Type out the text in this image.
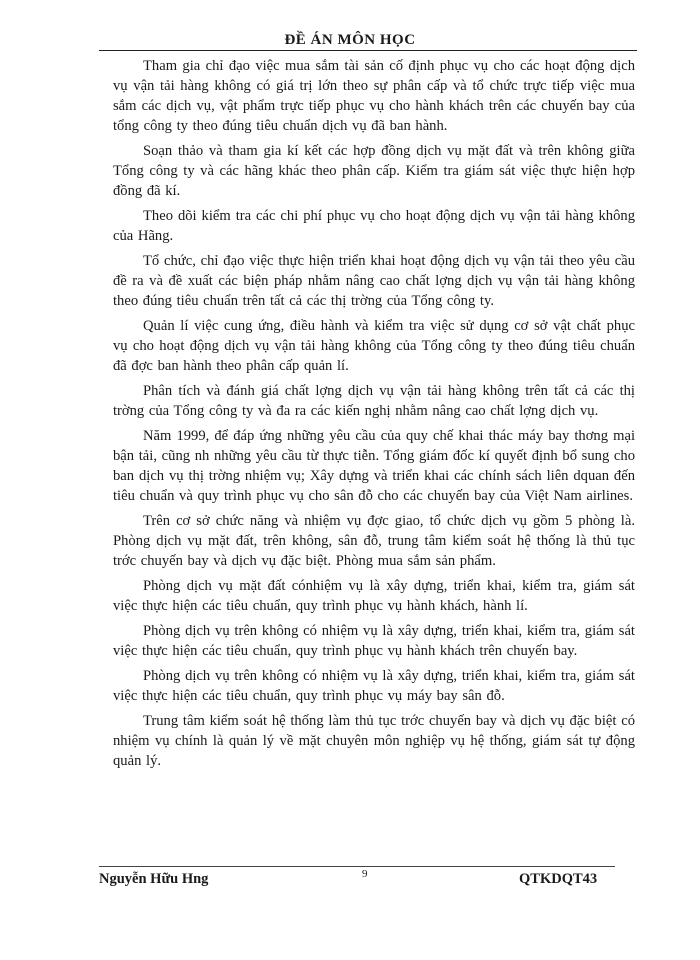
ĐỀ ÁN MÔN HỌC

Tham gia chỉ đạo việc mua sắm tài sản cố định phục vụ cho các hoạt động dịch vụ vận tải hàng không có giá trị lớn theo sự phân cấp và tổ chức trực tiếp việc mua sắm các dịch vụ, vật phẩm trực tiếp phục vụ cho hành khách trên các chuyến bay của tổng công ty theo đúng tiêu chuẩn dịch vụ đã ban hành.

Soạn thảo và tham gia kí kết các hợp đồng dịch vụ mặt đất và trên không giữa Tổng công ty và các hãng khác theo phân cấp. Kiểm tra giám sát việc thực hiện hợp đồng đã kí.

Theo dõi kiểm tra các chi phí phục vụ cho hoạt động dịch vụ vận tải hàng không của Hãng.

Tổ chức, chỉ đạo việc thực hiện triển khai hoạt động dịch vụ vận tải theo yêu cầu đề ra và đề xuất các biện pháp nhằm nâng cao chất lợng dịch vụ vận tải hàng không theo đúng tiêu chuẩn trên tất cả các thị trờng của Tổng công ty.

Quản lí việc cung ứng, điều hành và kiểm tra việc sử dụng cơ sở vật chất phục vụ cho hoạt động dịch vụ vận tải hàng không của Tổng công ty theo đúng tiêu chuẩn đã đợc ban hành theo phân cấp quản lí.

Phân tích và đánh giá chất lợng dịch vụ vận tải hàng không trên tất cả các thị trờng của Tổng công ty và đa ra các kiến nghị nhằm nâng cao chất lợng dịch vụ.

Năm 1999, để đáp ứng những yêu cầu của quy chế khai thác máy bay thơng mại bận tải, cũng nh những yêu cầu từ thực tiễn. Tổng giám đốc kí quyết định bổ sung cho ban dịch vụ thị trờng nhiệm vụ; Xây dựng và triển khai các chính sách liên dquan đến tiêu chuẩn và quy trình phục vụ cho sân đỗ cho các chuyến bay của Việt Nam airlines.

Trên cơ sở chức năng và nhiệm vụ đợc giao, tổ chức dịch vụ gồm 5 phòng là. Phòng dịch vụ mặt đất, trên không, sân đỗ, trung tâm kiểm soát hệ thống là thủ tục trớc chuyến bay và dịch vụ đặc biệt. Phòng mua sắm sản phẩm.

Phòng dịch vụ mặt đất cónhiệm vụ là xây dựng, triển khai, kiểm tra, giám sát việc thực hiện các tiêu chuẩn, quy trình phục vụ hành khách, hành lí.

Phòng dịch vụ trên không có nhiệm vụ là xây dựng, triển khai, kiểm tra, giám sát việc thực hiện các tiêu chuẩn, quy trình phục vụ hành khách trên chuyến bay.

Phòng dịch vụ trên không có nhiệm vụ là xây dựng, triển khai, kiểm tra, giám sát việc thực hiện các tiêu chuẩn, quy trình phục vụ máy bay sân đỗ.

Trung tâm kiểm soát hệ thống làm thủ tục trớc chuyến bay và dịch vụ đặc biệt có nhiệm vụ chính là quản lý về mặt chuyên môn nghiệp vụ hệ thống, giám sát tự động quản lý.

Nguyễn Hữu Hng	9	QTKDQT43
